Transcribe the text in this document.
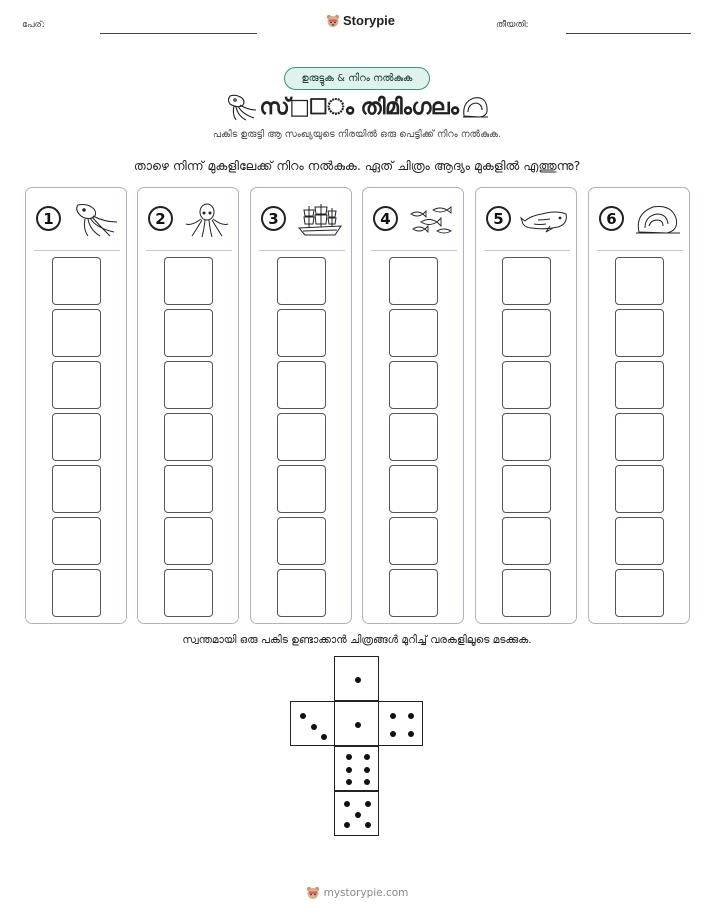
പേര്:	Storypie	തീയതി:
ഉരുട്ടുക & നിറം നൽകുക
സ്□□ം തിമിംഗലം
പകിട ഉരുട്ടി ആ സംഖ്യയുടെ നിരയിൽ ഒരു പെട്ടിക്ക് നിറം നൽകുക.
താഴെ നിന്ന് മുകളിലേക്ക് നിറം നൽകുക. ഏത് ചിത്രം ആദ്യം മുകളിൽ എത്തുന്നു?
1	2	3	4	5	6
സ്വന്തമായി ഒരു പകിട ഉണ്ടാക്കാൻ ചിത്രങ്ങൾ മുറിച്ച് വരകളിലൂടെ മടക്കുക.
mystorypie.com
